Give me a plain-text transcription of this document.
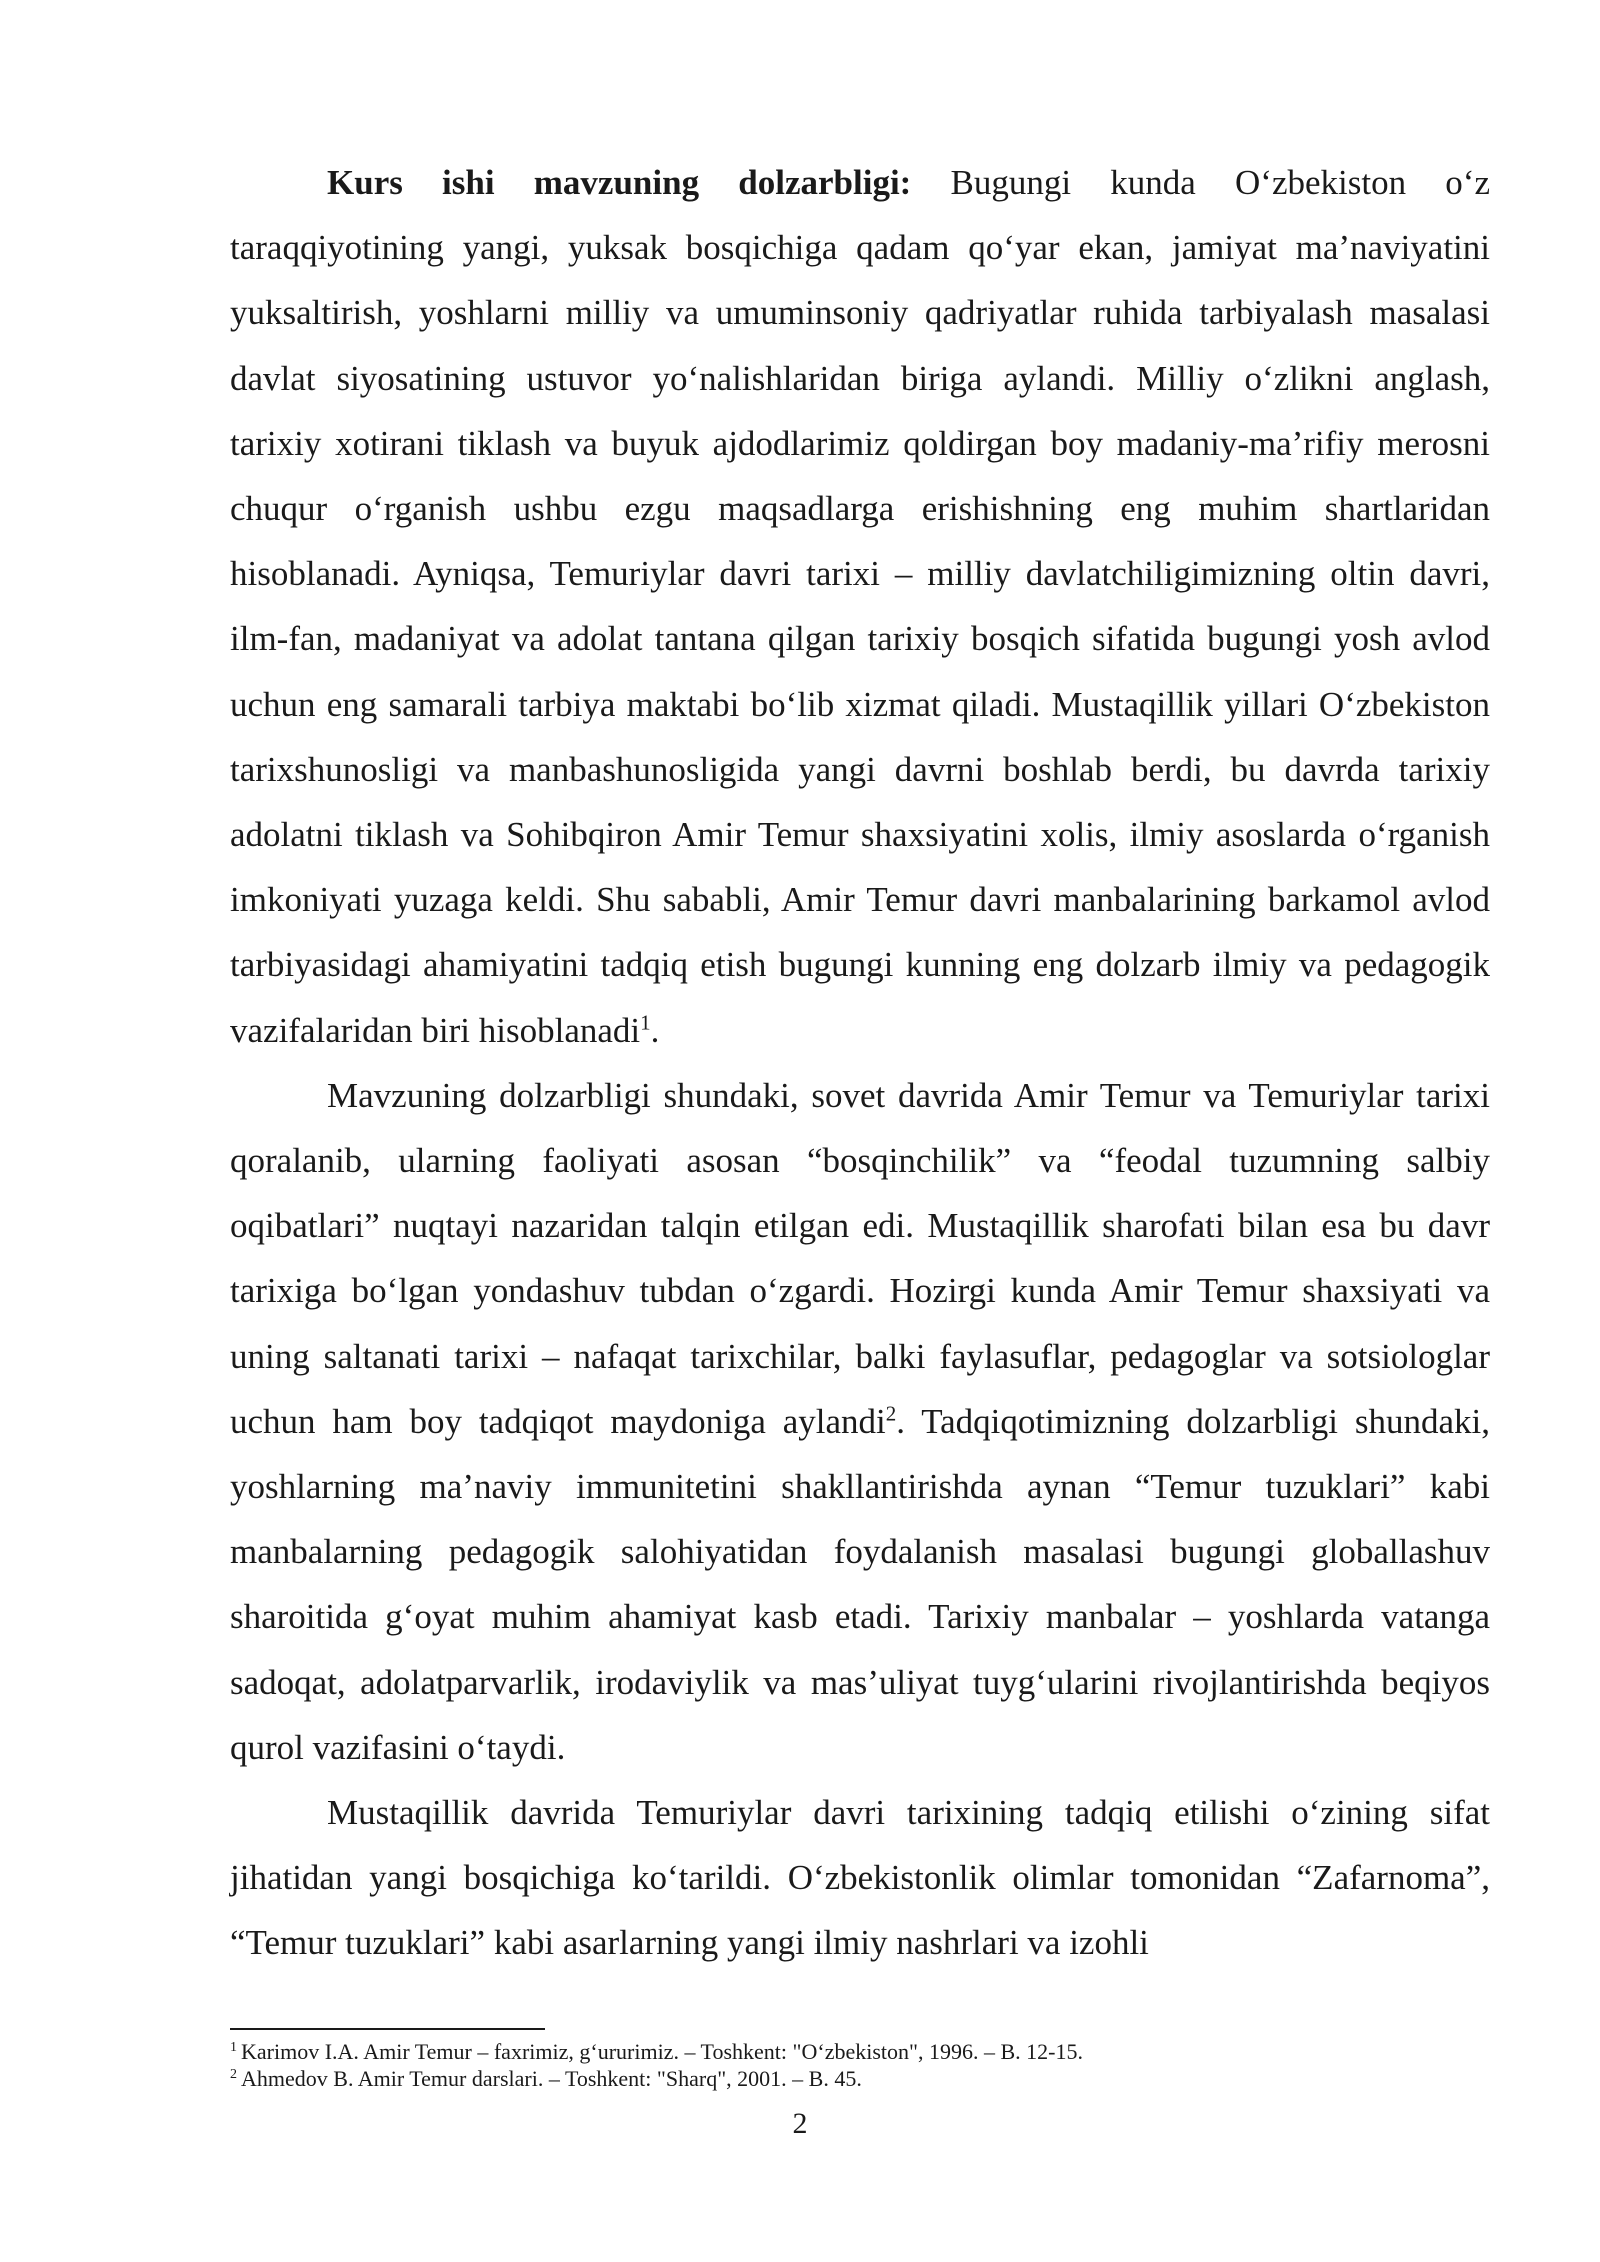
Kurs ishi mavzuning dolzarbligi: Bugungi kunda O‘zbekiston o‘z taraqqiyotining yangi, yuksak bosqichiga qadam qo‘yar ekan, jamiyat ma’naviyatini yuksaltirish, yoshlarni milliy va umuminsoniy qadriyatlar ruhida tarbiyalash masalasi davlat siyosatining ustuvor yo‘nalishlaridan biriga aylandi. Milliy o‘zlikni anglash, tarixiy xotirani tiklash va buyuk ajdodlarimiz qoldirgan boy madaniy-ma’rifiy merosni chuqur o‘rganish ushbu ezgu maqsadlarga erishishning eng muhim shartlaridan hisoblanadi. Ayniqsa, Temuriylar davri tarixi – milliy davlatchiligimizning oltin davri, ilm-fan, madaniyat va adolat tantana qilgan tarixiy bosqich sifatida bugungi yosh avlod uchun eng samarali tarbiya maktabi bo‘lib xizmat qiladi. Mustaqillik yillari O‘zbekiston tarixshunosligi va manbashunosligida yangi davrni boshlab berdi, bu davrda tarixiy adolatni tiklash va Sohibqiron Amir Temur shaxsiyatini xolis, ilmiy asoslarda o‘rganish imkoniyati yuzaga keldi. Shu sababli, Amir Temur davri manbalarining barkamol avlod tarbiyasidagi ahamiyatini tadqiq etish bugungi kunning eng dolzarb ilmiy va pedagogik vazifalaridan biri hisoblanadi$^1$.

Mavzuning dolzarbligi shundaki, sovet davrida Amir Temur va Temuriylar tarixi qoralanib, ularning faoliyati asosan “bosqinchilik” va “feodal tuzumning salbiy oqibatlari” nuqtayi nazaridan talqin etilgan edi. Mustaqillik sharofati bilan esa bu davr tarixiga bo‘lgan yondashuv tubdan o‘zgardi. Hozirgi kunda Amir Temur shaxsiyati va uning saltanati tarixi – nafaqat tarixchilar, balki faylasuflar, pedagoglar va sotsiologlar uchun ham boy tadqiqot maydoniga aylandi$^2$. Tadqiqotimizning dolzarbligi shundaki, yoshlarning ma’naviy immunitetini shakllantirishda aynan “Temur tuzuklari” kabi manbalarning pedagogik salohiyatidan foydalanish masalasi bugungi globallashuv sharoitida g‘oyat muhim ahamiyat kasb etadi. Tarixiy manbalar – yoshlarda vatanga sadoqat, adolatparvarlik, irodaviylik va mas’uliyat tuyg‘ularini rivojlantirishda beqiyos qurol vazifasini o‘taydi.

Mustaqillik davrida Temuriylar davri tarixining tadqiq etilishi o‘zining sifat jihatidan yangi bosqichiga ko‘tarildi. O‘zbekistonlik olimlar tomonidan “Zafarnoma”, “Temur tuzuklari” kabi asarlarning yangi ilmiy nashrlari va izohli

$^1$ Karimov I.A. Amir Temur – faxrimiz, g‘ururimiz. – Toshkent: "O‘zbekiston", 1996. – B. 12-15.

$^2$ Ahmedov B. Amir Temur darslari. – Toshkent: "Sharq", 2001. – B. 45.

2
